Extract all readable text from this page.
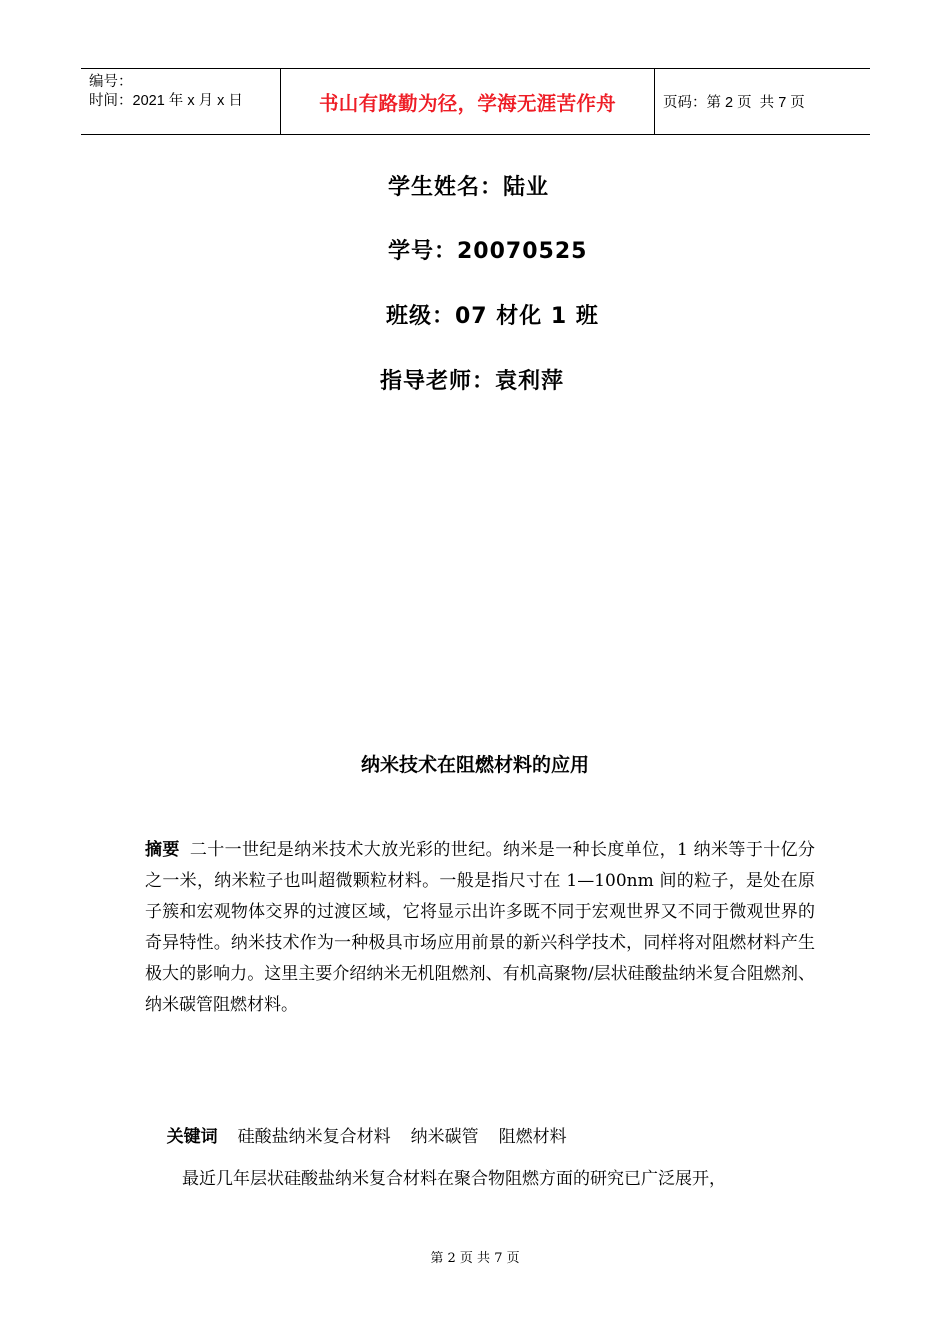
编号：
时间：2021 年 x 月 x 日	书山有路勤为径，学海无涯苦作舟	页码：第 2 页  共 7 页
学生姓名：陆业
学号：20070525
班级：07 材化 1 班
指导老师：袁利萍
纳米技术在阻燃材料的应用
摘要 二十一世纪是纳米技术大放光彩的世纪。纳米是一种长度单位，1 纳米等于十亿分之一米，纳米粒子也叫超微颗粒材料。一般是指尺寸在 1—100nm 间的粒子，是处在原子簇和宏观物体交界的过渡区域，它将显示出许多既不同于宏观世界又不同于微观世界的奇异特性。纳米技术作为一种极具市场应用前景的新兴科学技术，同样将对阻燃材料产生极大的影响力。这里主要介绍纳米无机阻燃剂、有机高聚物/层状硅酸盐纳米复合阻燃剂、纳米碳管阻燃材料。

关键词 硅酸盐纳米复合材料 纳米碳管 阻燃材料

最近几年层状硅酸盐纳米复合材料在聚合物阻燃方面的研究已广泛展开，
第 2 页 共 7 页
